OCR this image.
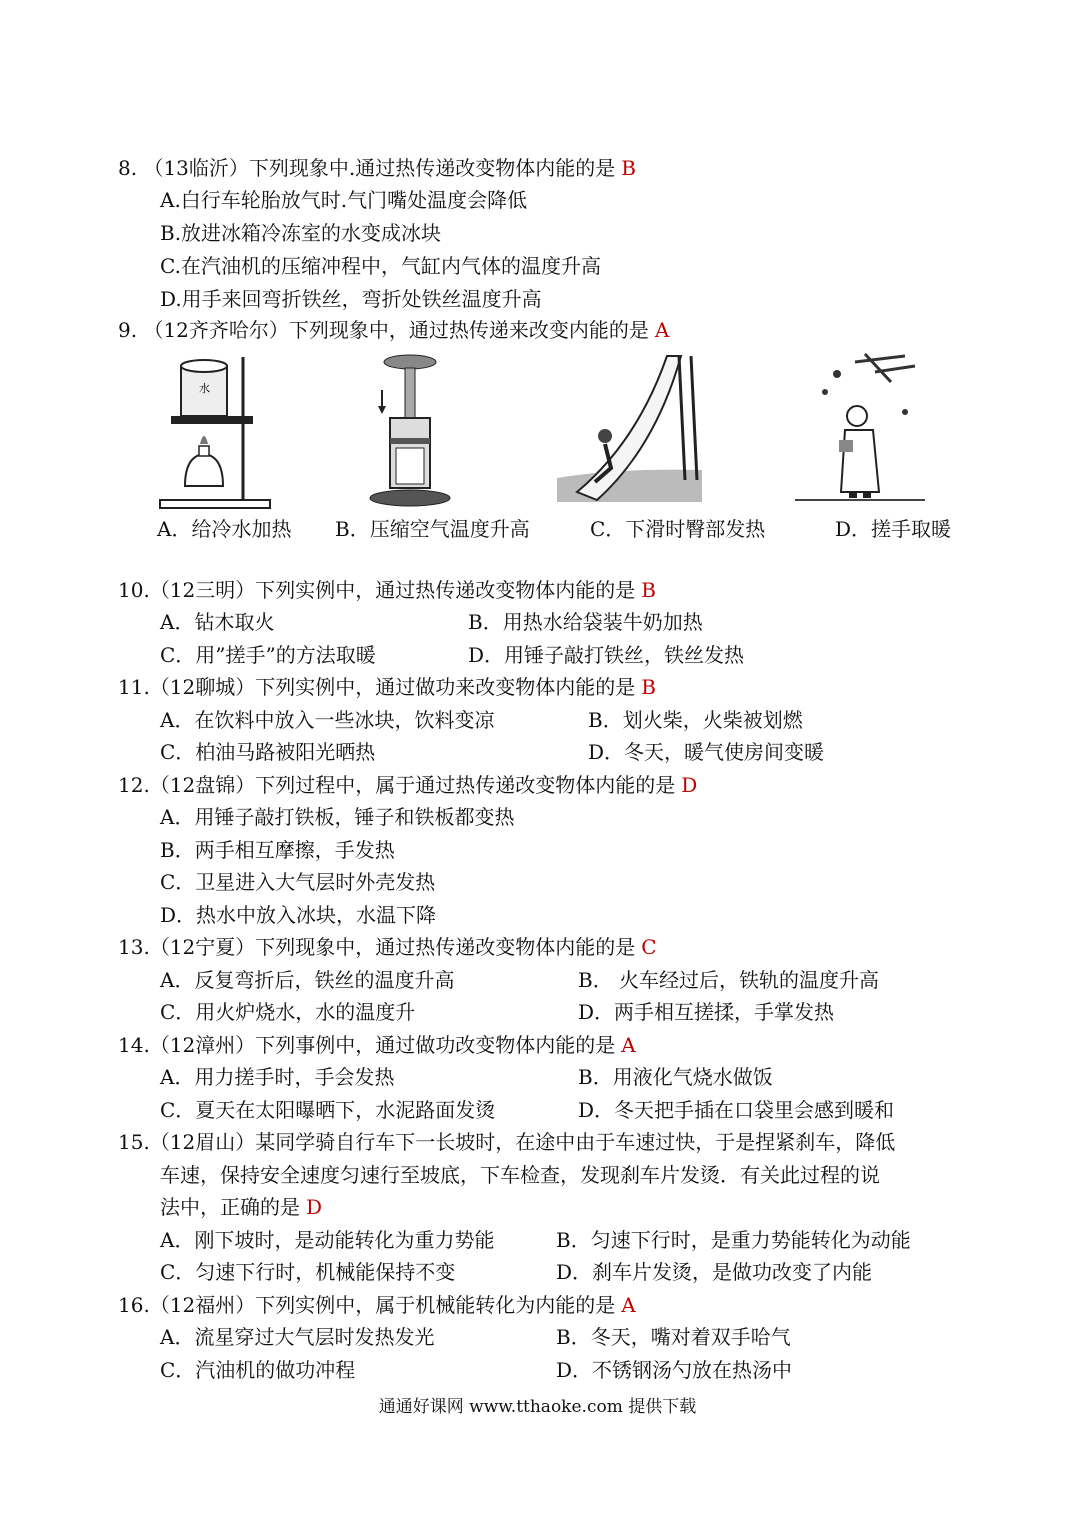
8. （13临沂）下列现象中.通过热传递改变物体内能的是 B
A.白行车轮胎放气时.气门嘴处温度会降低
B.放进冰箱冷冻室的水变成冰块
C.在汽油机的压缩冲程中，气缸内气体的温度升高
D.用手来回弯折铁丝，弯折处铁丝温度升高
9. （12齐齐哈尔）下列现象中，通过热传递来改变内能的是 A
水
A．给冷水加热 B．压缩空气温度升高	C．下滑时臀部发热	D．搓手取暖
10.（12三明）下列实例中，通过热传递改变物体内能的是 B
A．钻木取火	B．用热水给袋装牛奶加热
C．用”搓手”的方法取暖	D．用锤子敲打铁丝，铁丝发热
11.（12聊城）下列实例中，通过做功来改变物体内能的是 B
A．在饮料中放入一些冰块，饮料变凉	B．划火柴，火柴被划燃
C．柏油马路被阳光晒热	D．冬天，暖气使房间变暖
12.（12盘锦）下列过程中，属于通过热传递改变物体内能的是 D
A．用锤子敲打铁板，锤子和铁板都变热
B．两手相互摩擦，手发热
C．卫星进入大气层时外壳发热
D．热水中放入冰块，水温下降
13.（12宁夏）下列现象中，通过热传递改变物体内能的是 C
A．反复弯折后，铁丝的温度升高	B． 火车经过后，铁轨的温度升高
C．用火炉烧水，水的温度升	D．两手相互搓揉，手掌发热
14.（12漳州）下列事例中，通过做功改变物体内能的是 A
A．用力搓手时，手会发热	B．用液化气烧水做饭
C．夏天在太阳曝晒下，水泥路面发烫	D．冬天把手插在口袋里会感到暖和
15.（12眉山）某同学骑自行车下一长坡时，在途中由于车速过快，于是捏紧刹车，降低
车速，保持安全速度匀速行至坡底，下车检查，发现刹车片发烫．有关此过程的说
法中，正确的是 D
A．刚下坡时，是动能转化为重力势能	B．匀速下行时，是重力势能转化为动能
C．匀速下行时，机械能保持不变	D．刹车片发烫，是做功改变了内能
16.（12福州）下列实例中，属于机械能转化为内能的是 A
A．流星穿过大气层时发热发光	B．冬天，嘴对着双手哈气
C．汽油机的做功冲程	D．不锈钢汤勺放在热汤中
通通好课网 www.tthaoke.com 提供下载
